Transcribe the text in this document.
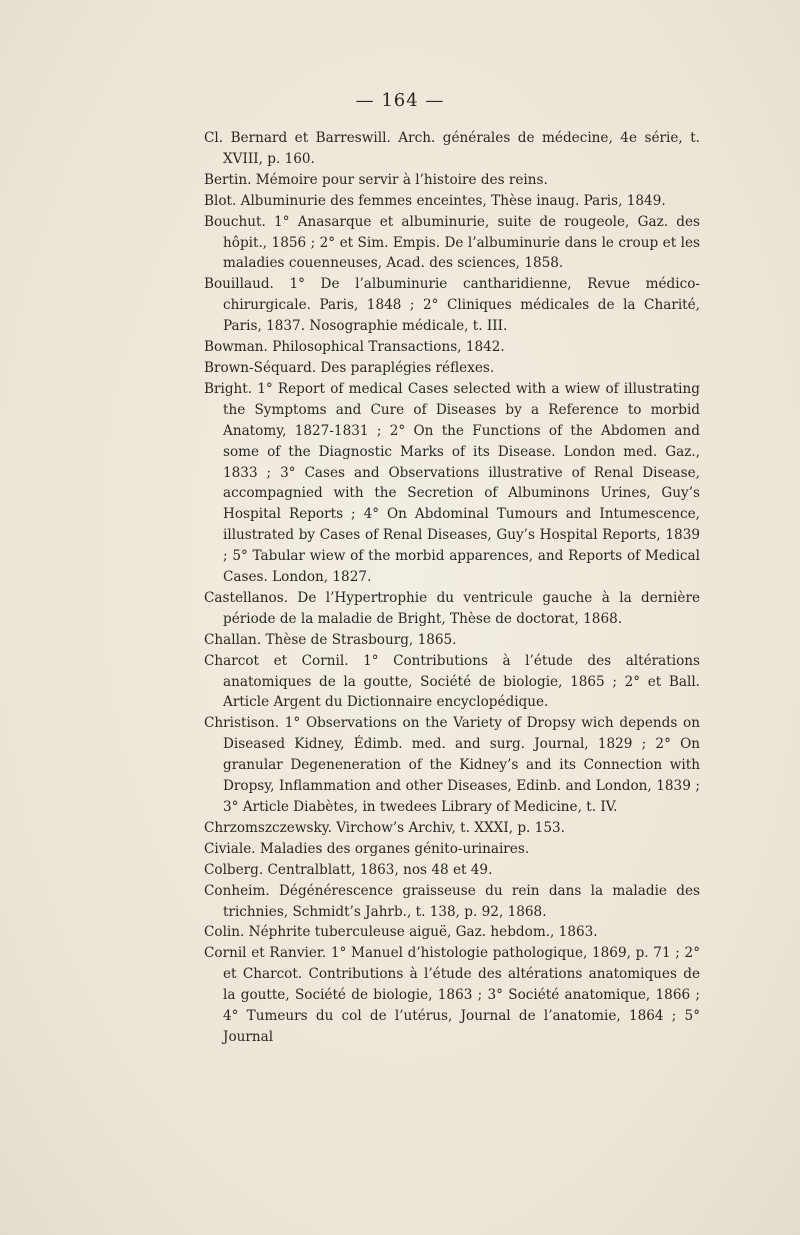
— 164 —
Cl. Bernard et Barreswill. Arch. générales de médecine, 4e série, t. XVIII, p. 160.
Bertin. Mémoire pour servir à l’histoire des reins.
Blot. Albuminurie des femmes enceintes, Thèse inaug. Paris, 1849.
Bouchut. 1° Anasarque et albuminurie, suite de rougeole, Gaz. des hôpit., 1856 ; 2° et Sim. Empis. De l’albuminurie dans le croup et les maladies couenneuses, Acad. des sciences, 1858.
Bouillaud. 1° De l’albuminurie cantharidienne, Revue médico-chirurgicale. Paris, 1848 ; 2° Cliniques médicales de la Charité, Paris, 1837. Nosographie médicale, t. III.
Bowman. Philosophical Transactions, 1842.
Brown-Séquard. Des paraplégies réflexes.
Bright. 1° Report of medical Cases selected with a wiew of illustrating the Symptoms and Cure of Diseases by a Reference to morbid Anatomy, 1827-1831 ; 2° On the Functions of the Abdomen and some of the Diagnostic Marks of its Disease. London med. Gaz., 1833 ; 3° Cases and Observations illustrative of Renal Disease, accompagnied with the Secretion of Albuminons Urines, Guy’s Hospital Reports ; 4° On Abdominal Tumours and Intumescence, illustrated by Cases of Renal Diseases, Guy’s Hospital Reports, 1839 ; 5° Tabular wiew of the morbid apparences, and Reports of Medical Cases. London, 1827.
Castellanos. De l’Hypertrophie du ventricule gauche à la dernière période de la maladie de Bright, Thèse de doctorat, 1868.
Challan. Thèse de Strasbourg, 1865.
Charcot et Cornil. 1° Contributions à l’étude des altérations anatomiques de la goutte, Société de biologie, 1865 ; 2° et Ball. Article Argent du Dictionnaire encyclopédique.
Christison. 1° Observations on the Variety of Dropsy wich depends on Diseased Kidney, Édimb. med. and surg. Journal, 1829 ; 2° On granular Degeneneration of the Kidney’s and its Connection with Dropsy, Inflammation and other Diseases, Edinb. and London, 1839 ; 3° Article Diabètes, in twedees Library of Medicine, t. IV.
Chrzomszczewsky. Virchow’s Archiv, t. XXXI, p. 153.
Civiale. Maladies des organes génito-urinaires.
Colberg. Centralblatt, 1863, nos 48 et 49.
Conheim. Dégénérescence graisseuse du rein dans la maladie des trichnies, Schmidt’s Jahrb., t. 138, p. 92, 1868.
Colin. Néphrite tuberculeuse aiguë, Gaz. hebdom., 1863.
Cornil et Ranvier. 1° Manuel d’histologie pathologique, 1869, p. 71 ; 2° et Charcot. Contributions à l’étude des altérations anatomiques de la goutte, Société de biologie, 1863 ; 3° Société anatomique, 1866 ; 4° Tumeurs du col de l’utérus, Journal de l’anatomie, 1864 ; 5° Journal
